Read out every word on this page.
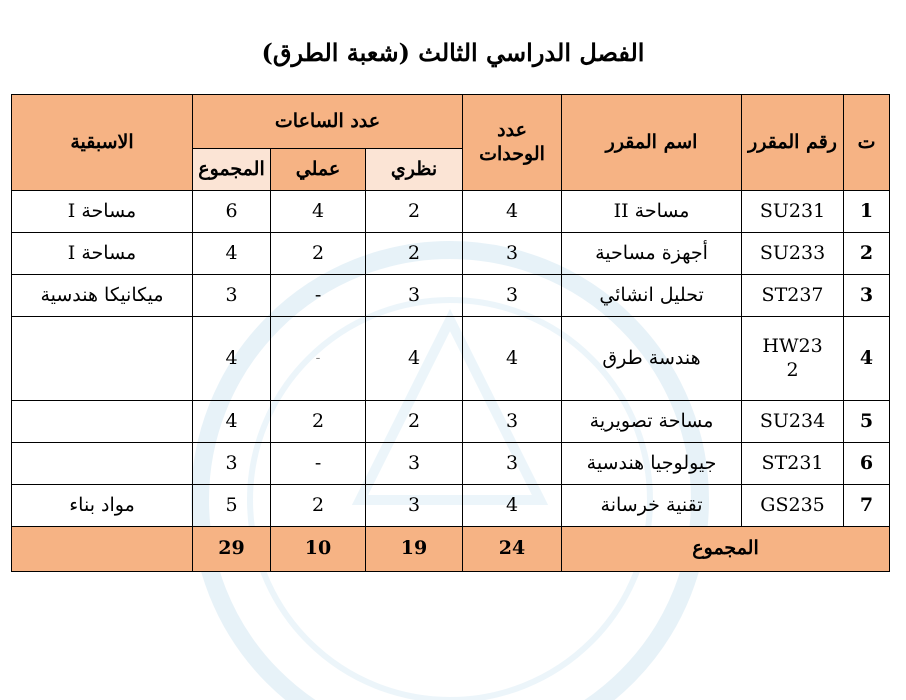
الفصل الدراسي الثالث (شعبة الطرق)
ت	رقم المقرر	اسم المقرر	عدد الوحدات	عدد الساعات			الاسبقية
				نظري	عملي	المجموع	
1	SU231	مساحة II	4	2	4	6	مساحة I
2	SU233	أجهزة مساحية	3	2	2	4	مساحة I
3	ST237	تحليل انشائي	3	3	-	3	ميكانيكا هندسية
4	HW23 2	هندسة طرق	4	4	-	4	
5	SU234	مساحة تصويرية	3	2	2	4	
6	ST231	جيولوجيا هندسية	3	3	-	3	
7	GS235	تقنية خرسانة	4	3	2	5	مواد بناء
المجموع			24	19	10	29	
